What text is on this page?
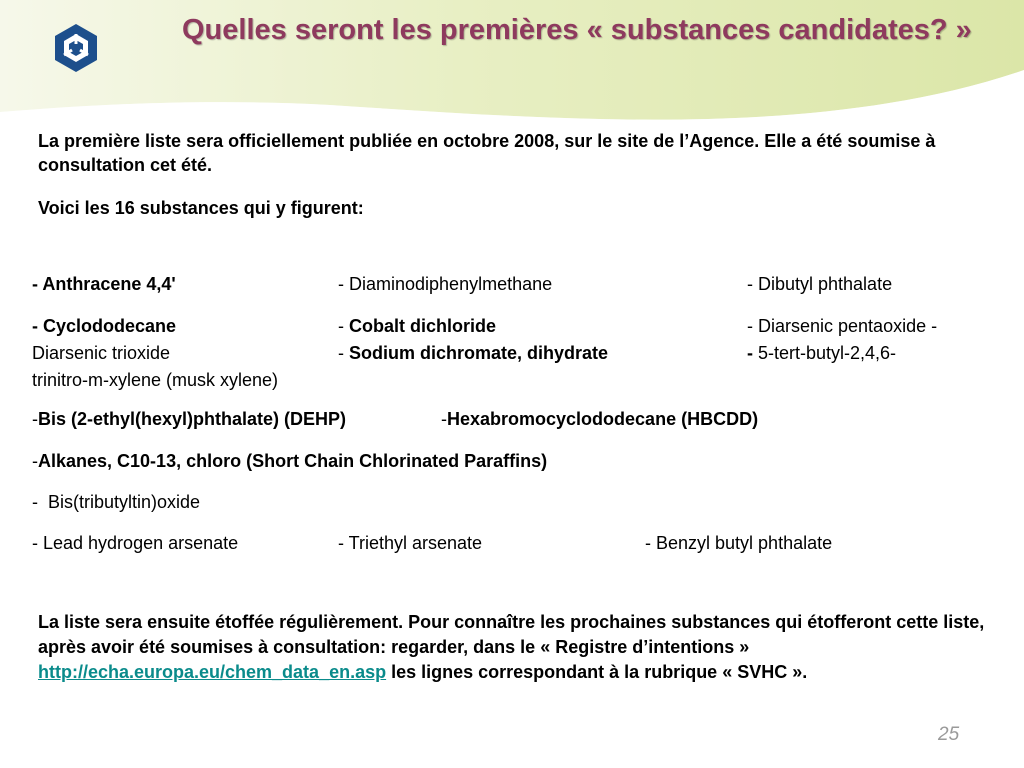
Quelles seront les premières « substances candidates? »

La première liste sera officiellement publiée en octobre 2008, sur le site de l’Agence. Elle a été soumise à consultation cet été.

Voici les 16 substances qui y figurent:

- Anthracene 4,4'	- Diaminodiphenylmethane	- Dibutyl phthalate
- Cyclododecane	- Cobalt dichloride	- Diarsenic pentaoxide -
Diarsenic trioxide	- Sodium dichromate, dihydrate	- 5-tert-butyl-2,4,6-
trinitro-m-xylene (musk xylene)
-Bis (2-ethyl(hexyl)phthalate) (DEHP)	-Hexabromocyclododecane (HBCDD)
-Alkanes, C10-13, chloro (Short Chain Chlorinated Paraffins)
-  Bis(tributyltin)oxide
- Lead hydrogen arsenate	- Triethyl arsenate	- Benzyl butyl phthalate

La liste sera ensuite étoffée régulièrement. Pour connaître les prochaines substances qui étofferont cette liste, après avoir été soumises à consultation: regarder, dans le « Registre d’intentions » http://echa.europa.eu/chem_data_en.asp les lignes correspondant à la rubrique « SVHC ».

25
